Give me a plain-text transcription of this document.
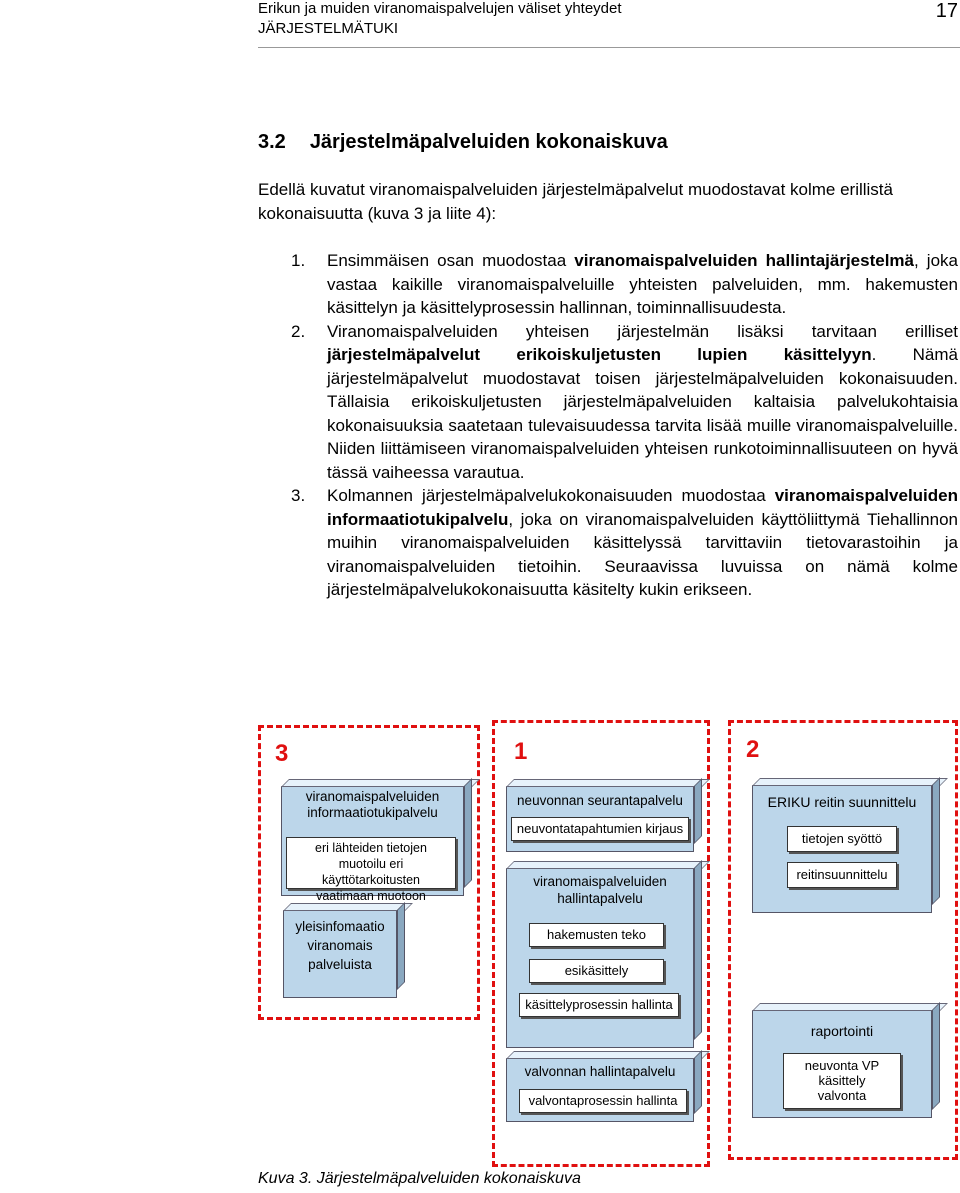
Erikun ja muiden viranomaispalvelujen väliset yhteydet
JÄRJESTELMÄTUKI
17
3.2 Järjestelmäpalveluiden kokonaiskuva
Edellä kuvatut viranomaispalveluiden järjestelmäpalvelut muodostavat kolme erillistä kokonaisuutta (kuva 3 ja liite 4):
1. Ensimmäisen osan muodostaa viranomaispalveluiden hallintajärjestelmä, joka vastaa kaikille viranomaispalveluille yhteisten palveluiden, mm. hakemusten käsittelyn ja käsittelyprosessin hallinnan, toiminnallisuudesta.
2. Viranomaispalveluiden yhteisen järjestelmän lisäksi tarvitaan erilliset järjestelmäpalvelut erikoiskuljetusten lupien käsittelyyn. Nämä järjestelmäpalvelut muodostavat toisen järjestelmäpalveluiden kokonaisuuden. Tällaisia erikoiskuljetusten järjestelmäpalveluiden kaltaisia palvelukohtaisia kokonaisuuksia saatetaan tulevaisuudessa tarvita lisää muille viranomaispalveluille. Niiden liittämiseen viranomaispalveluiden yhteisen runkotoiminnallisuuteen on hyvä tässä vaiheessa varautua.
3. Kolmannen järjestelmäpalvelukokonaisuuden muodostaa viranomaispalveluiden informaatiotukipalvelu, joka on viranomaispalveluiden käyttöliittymä Tiehallinnon muihin viranomaispalveluiden käsittelyssä tarvittaviin tietovarastoihin ja viranomaispalveluiden tietoihin. Seuraavissa luvuissa on nämä kolme järjestelmäpalvelukokonaisuutta käsitelty kukin erikseen.
3
viranomaispalveluiden informaatiotukipalvelu
eri lähteiden tietojen muotoilu eri käyttötarkoitusten vaatimaan muotoon
yleisinfomaatio viranomais palveluista
1
neuvonnan seurantapalvelu
neuvontatapahtumien kirjaus
viranomaispalveluiden hallintapalvelu
hakemusten teko
esikäsittely
käsittelyprosessin hallinta
valvonnan hallintapalvelu
valvontaprosessin hallinta
2
ERIKU reitin suunnittelu
tietojen syöttö
reitinsuunnittelu
raportointi
neuvonta VP käsittely valvonta
Kuva 3. Järjestelmäpalveluiden kokonaiskuva
